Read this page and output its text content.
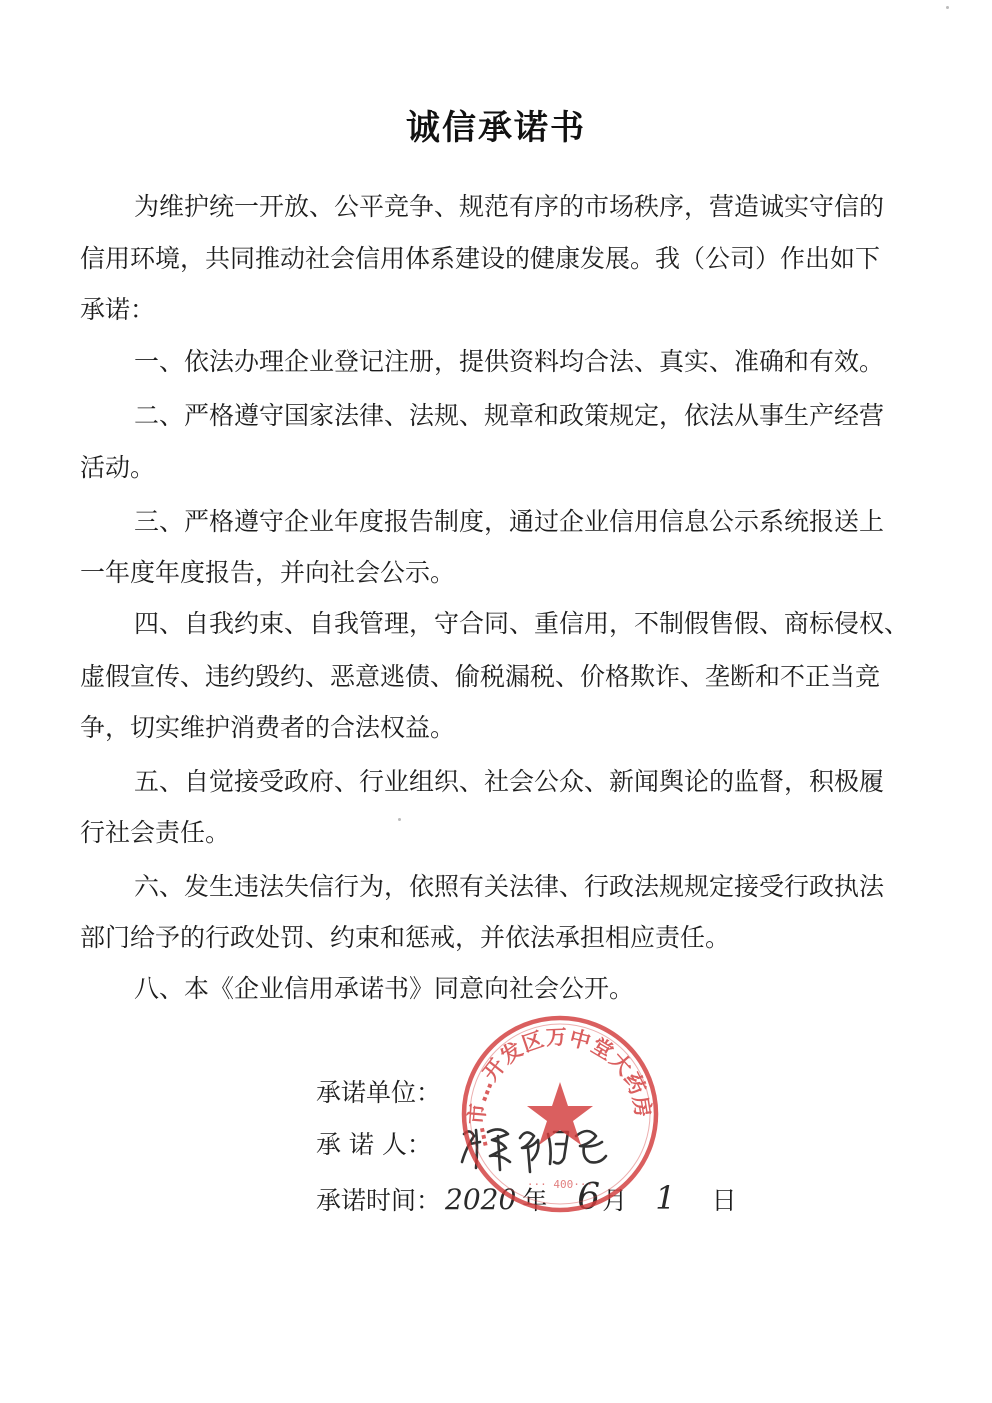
诚信承诺书
为维护统一开放、公平竞争、规范有序的市场秩序，营造诚实守信的
信用环境，共同推动社会信用体系建设的健康发展。我（公司）作出如下
承诺：
一、依法办理企业登记注册，提供资料均合法、真实、准确和有效。
二、严格遵守国家法律、法规、规章和政策规定，依法从事生产经营
活动。
三、严格遵守企业年度报告制度，通过企业信用信息公示系统报送上
一年度年度报告，并向社会公示。
四、自我约束、自我管理，守合同、重信用，不制假售假、商标侵权、
虚假宣传、违约毁约、恶意逃债、偷税漏税、价格欺诈、垄断和不正当竞
争，切实维护消费者的合法权益。
五、自觉接受政府、行业组织、社会公众、新闻舆论的监督，积极履
行社会责任。
六、发生违法失信行为，依照有关法律、行政法规规定接受行政执法
部门给予的行政处罚、约束和惩戒，并依法承担相应责任。
八、本《企业信用承诺书》同意向社会公开。
承诺单位：
承 诺 人：
承诺时间： 2020 年 6月 1 日
…市…开发区万中堂大药房
··· 400···
